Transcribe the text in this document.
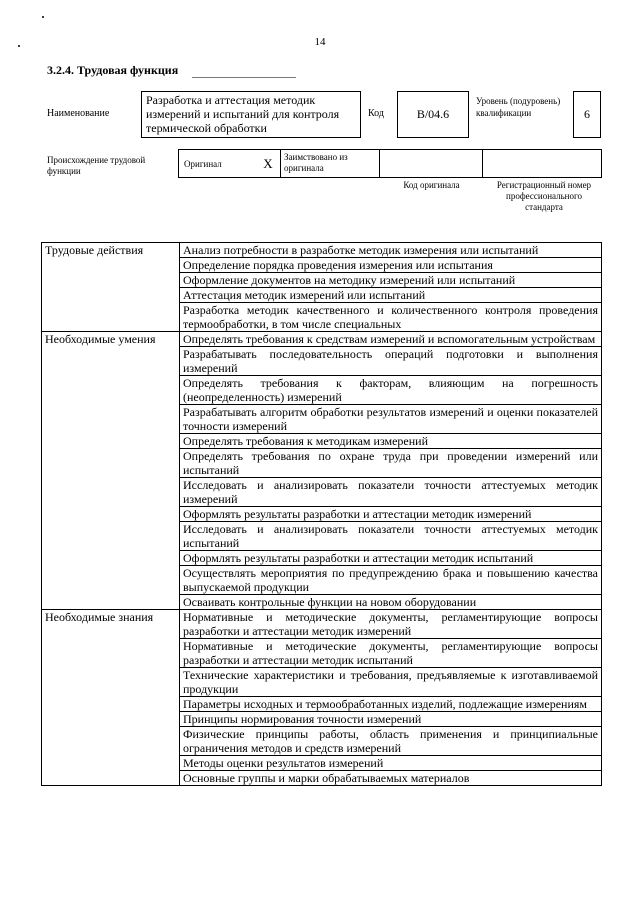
14
3.2.4. Трудовая функция
Наименование
Разработка и аттестация методик измерений и испытаний для контроля термической обработки
Код	B/04.6
Уровень (подуровень) квалификации	6
Происхождение трудовой функции
Оригинал	X	Заимствовано из оригинала
Код оригинала	Регистрационный номер профессионального стандарта
Трудовые действия	Анализ потребности в разработке методик измерения или испытаний
	Определение порядка проведения измерения или испытания
	Оформление документов на методику измерений или испытаний
	Аттестация методик измерений или испытаний
	Разработка методик качественного и количественного контроля проведения термообработки, в том числе специальных
Необходимые умения	Определять требования к средствам измерений и вспомогательным устройствам
	Разрабатывать последовательность операций подготовки и выполнения измерений
	Определять требования к факторам, влияющим на погрешность (неопределенность) измерений
	Разрабатывать алгоритм обработки результатов измерений и оценки показателей точности измерений
	Определять требования к методикам измерений
	Определять требования по охране труда при проведении измерений или испытаний
	Исследовать и анализировать показатели точности аттестуемых методик измерений
	Оформлять результаты разработки и аттестации методик измерений
	Исследовать и анализировать показатели точности аттестуемых методик испытаний
	Оформлять результаты разработки и аттестации методик испытаний
	Осуществлять мероприятия по предупреждению брака и повышению качества выпускаемой продукции
	Осваивать контрольные функции на новом оборудовании
Необходимые знания	Нормативные и методические документы, регламентирующие вопросы разработки и аттестации методик измерений
	Нормативные и методические документы, регламентирующие вопросы разработки и аттестации методик испытаний
	Технические характеристики и требования, предъявляемые к изготавливаемой продукции
	Параметры исходных и термообработанных изделий, подлежащие измерениям
	Принципы нормирования точности измерений
	Физические принципы работы, область применения и принципиальные ограничения методов и средств измерений
	Методы оценки результатов измерений
	Основные группы и марки обрабатываемых материалов
